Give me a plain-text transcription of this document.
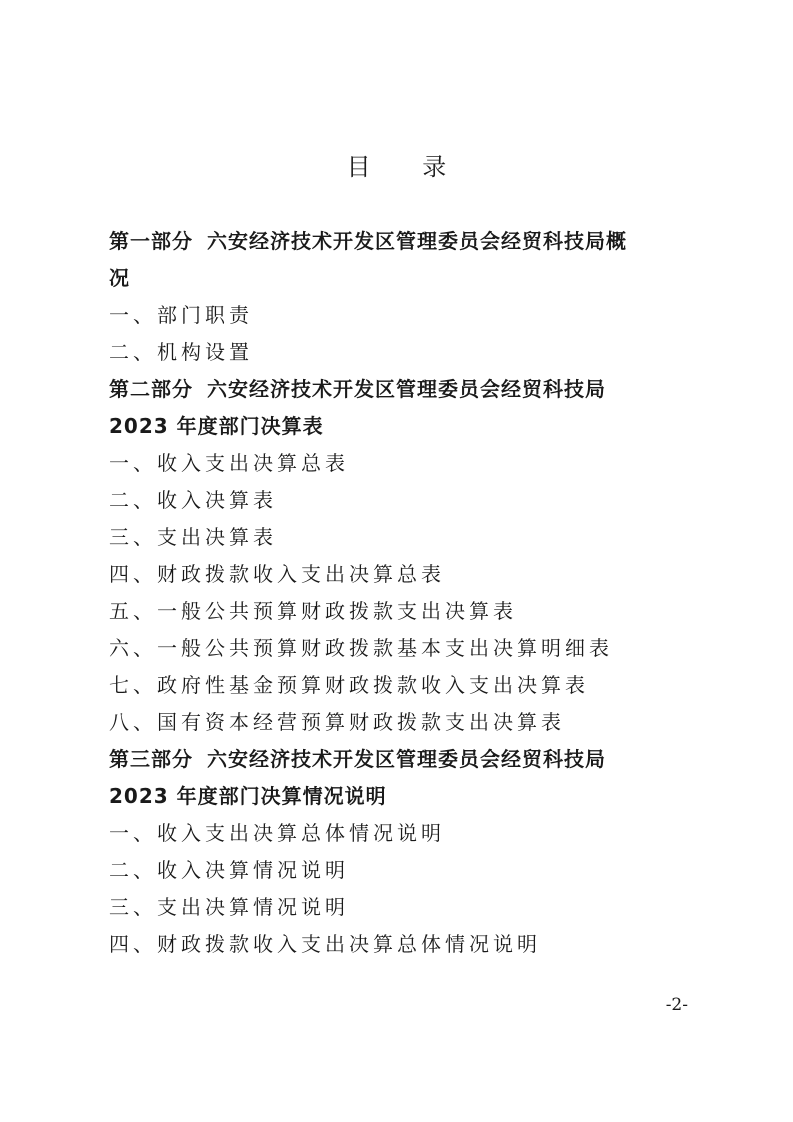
目 录
第一部分 六安经济技术开发区管理委员会经贸科技局概
况
一、部门职责
二、机构设置
第二部分 六安经济技术开发区管理委员会经贸科技局
2023 年度部门决算表
一、收入支出决算总表
二、收入决算表
三、支出决算表
四、财政拨款收入支出决算总表
五、一般公共预算财政拨款支出决算表
六、一般公共预算财政拨款基本支出决算明细表
七、政府性基金预算财政拨款收入支出决算表
八、国有资本经营预算财政拨款支出决算表
第三部分 六安经济技术开发区管理委员会经贸科技局
2023 年度部门决算情况说明
一、收入支出决算总体情况说明
二、收入决算情况说明
三、支出决算情况说明
四、财政拨款收入支出决算总体情况说明
-2-
